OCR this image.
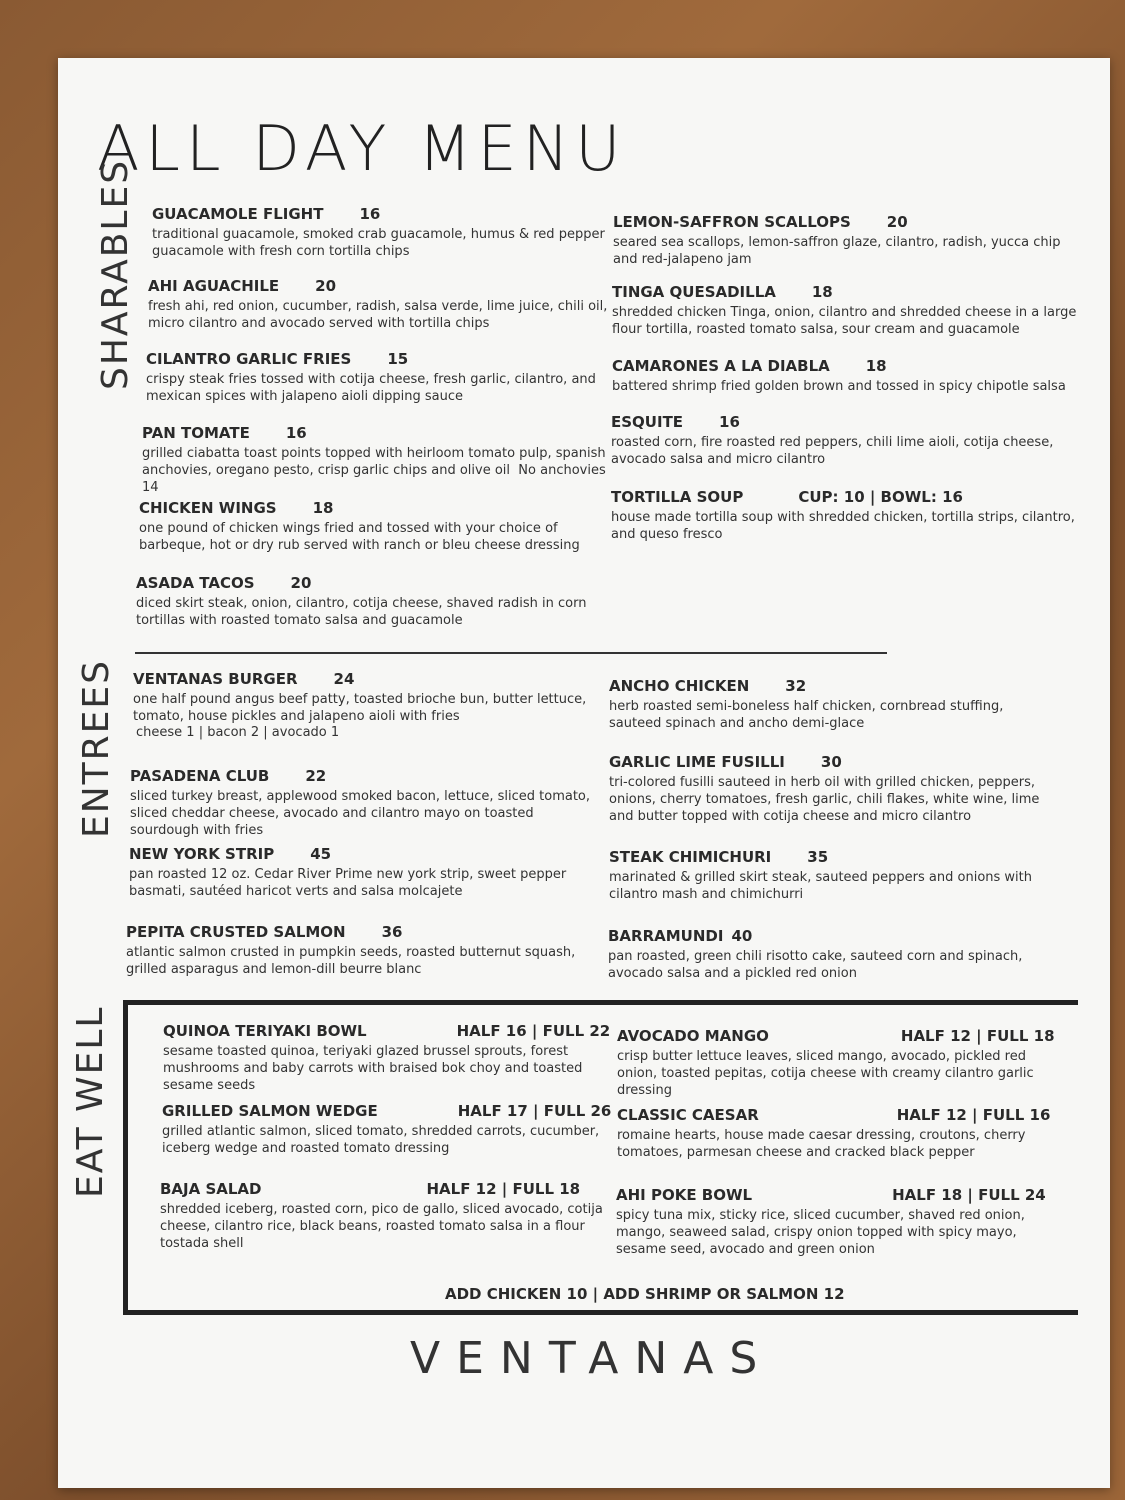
ALL DAY MENU
SHARABLES
ENTREES
EAT WELL
GUACAMOLE FLIGHT 16
traditional guacamole, smoked crab guacamole, humus & red pepper guacamole with fresh corn tortilla chips
AHI AGUACHILE 20
fresh ahi, red onion, cucumber, radish, salsa verde, lime juice, chili oil, micro cilantro and avocado served with tortilla chips
CILANTRO GARLIC FRIES 15
crispy steak fries tossed with cotija cheese, fresh garlic, cilantro, and mexican spices with jalapeno aioli dipping sauce
PAN TOMATE 16
grilled ciabatta toast points topped with heirloom tomato pulp, spanish anchovies, oregano pesto, crisp garlic chips and olive oil No anchovies 14
CHICKEN WINGS 18
one pound of chicken wings fried and tossed with your choice of barbeque, hot or dry rub served with ranch or bleu cheese dressing
ASADA TACOS 20
diced skirt steak, onion, cilantro, cotija cheese, shaved radish in corn tortillas with roasted tomato salsa and guacamole
LEMON-SAFFRON SCALLOPS 20
seared sea scallops, lemon-saffron glaze, cilantro, radish, yucca chip and red-jalapeno jam
TINGA QUESADILLA 18
shredded chicken Tinga, onion, cilantro and shredded cheese in a large flour tortilla, roasted tomato salsa, sour cream and guacamole
CAMARONES A LA DIABLA 18
battered shrimp fried golden brown and tossed in spicy chipotle salsa
ESQUITE 16
roasted corn, fire roasted red peppers, chili lime aioli, cotija cheese, avocado salsa and micro cilantro
TORTILLA SOUP	CUP: 10 | BOWL: 16
house made tortilla soup with shredded chicken, tortilla strips, cilantro, and queso fresco
VENTANAS BURGER 24
one half pound angus beef patty, toasted brioche bun, butter lettuce, tomato, house pickles and jalapeno aioli with fries
cheese 1 | bacon 2 | avocado 1
PASADENA CLUB 22
sliced turkey breast, applewood smoked bacon, lettuce, sliced tomato, sliced cheddar cheese, avocado and cilantro mayo on toasted sourdough with fries
NEW YORK STRIP 45
pan roasted 12 oz. Cedar River Prime new york strip, sweet pepper basmati, sautéed haricot verts and salsa molcajete
PEPITA CRUSTED SALMON 36
atlantic salmon crusted in pumpkin seeds, roasted butternut squash, grilled asparagus and lemon-dill beurre blanc
ANCHO CHICKEN 32
herb roasted semi-boneless half chicken, cornbread stuffing, sauteed spinach and ancho demi-glace
GARLIC LIME FUSILLI 30
tri-colored fusilli sauteed in herb oil with grilled chicken, peppers, onions, cherry tomatoes, fresh garlic, chili flakes, white wine, lime and butter topped with cotija cheese and micro cilantro
STEAK CHIMICHURI 35
marinated & grilled skirt steak, sauteed peppers and onions with cilantro mash and chimichurri
BARRAMUNDI 40
pan roasted, green chili risotto cake, sauteed corn and spinach, avocado salsa and a pickled red onion
QUINOA TERIYAKI BOWL	HALF 16 | FULL 22
sesame toasted quinoa, teriyaki glazed brussel sprouts, forest mushrooms and baby carrots with braised bok choy and toasted sesame seeds
GRILLED SALMON WEDGE	HALF 17 | FULL 26
grilled atlantic salmon, sliced tomato, shredded carrots, cucumber, iceberg wedge and roasted tomato dressing
BAJA SALAD	HALF 12 | FULL 18
shredded iceberg, roasted corn, pico de gallo, sliced avocado, cotija cheese, cilantro rice, black beans, roasted tomato salsa in a flour tostada shell
AVOCADO MANGO	HALF 12 | FULL 18
crisp butter lettuce leaves, sliced mango, avocado, pickled red onion, toasted pepitas, cotija cheese with creamy cilantro garlic dressing
CLASSIC CAESAR	HALF 12 | FULL 16
romaine hearts, house made caesar dressing, croutons, cherry tomatoes, parmesan cheese and cracked black pepper
AHI POKE BOWL	HALF 18 | FULL 24
spicy tuna mix, sticky rice, sliced cucumber, shaved red onion, mango, seaweed salad, crispy onion topped with spicy mayo, sesame seed, avocado and green onion
ADD CHICKEN 10 | ADD SHRIMP OR SALMON 12
VENTANAS
